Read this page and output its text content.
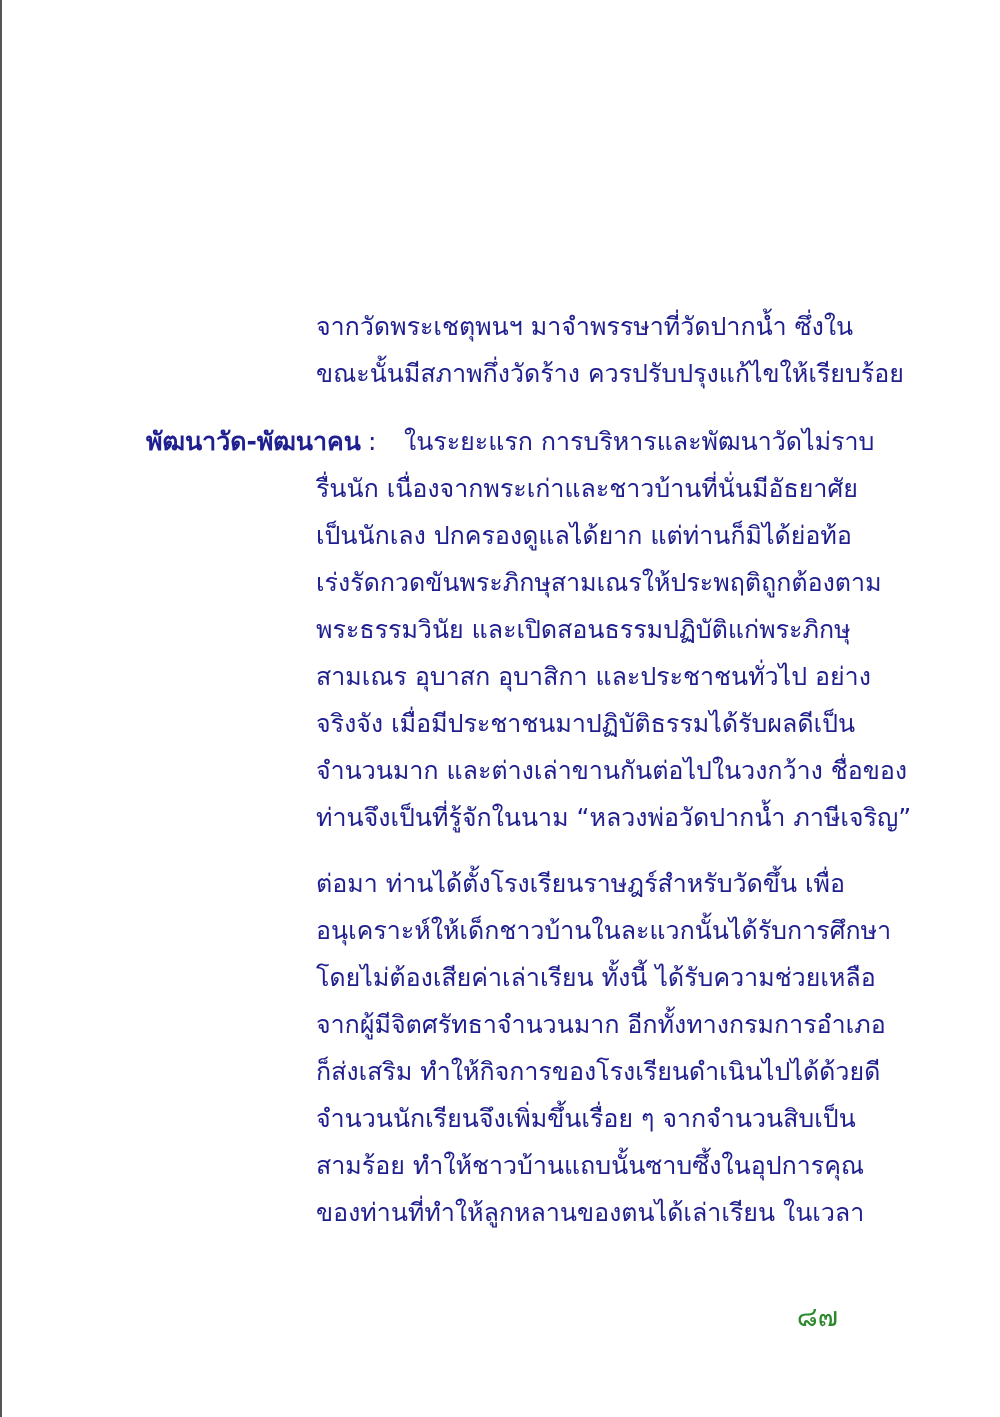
จากวัดพระเชตุพนฯ มาจำพรรษาที่วัดปากน้ำ ซึ่งใน
ขณะนั้นมีสภาพกึ่งวัดร้าง ควรปรับปรุงแก้ไขให้เรียบร้อย
พัฒนาวัด-พัฒนาคน : ในระยะแรก การบริหารและพัฒนาวัดไม่ราบ
รื่นนัก เนื่องจากพระเก่าและชาวบ้านที่นั่นมีอัธยาศัย
เป็นนักเลง ปกครองดูแลได้ยาก แต่ท่านก็มิได้ย่อท้อ
เร่งรัดกวดขันพระภิกษุสามเณรให้ประพฤติถูกต้องตาม
พระธรรมวินัย และเปิดสอนธรรมปฏิบัติแก่พระภิกษุ
สามเณร อุบาสก อุบาสิกา และประชาชนทั่วไป อย่าง
จริงจัง เมื่อมีประชาชนมาปฏิบัติธรรมได้รับผลดีเป็น
จำนวนมาก และต่างเล่าขานกันต่อไปในวงกว้าง ชื่อของ
ท่านจึงเป็นที่รู้จักในนาม “หลวงพ่อวัดปากน้ำ ภาษีเจริญ”
ต่อมา ท่านได้ตั้งโรงเรียนราษฎร์สำหรับวัดขึ้น เพื่อ
อนุเคราะห์ให้เด็กชาวบ้านในละแวกนั้นได้รับการศึกษา
โดยไม่ต้องเสียค่าเล่าเรียน ทั้งนี้ ได้รับความช่วยเหลือ
จากผู้มีจิตศรัทธาจำนวนมาก อีกทั้งทางกรมการอำเภอ
ก็ส่งเสริม ทำให้กิจการของโรงเรียนดำเนินไปได้ด้วยดี
จำนวนนักเรียนจึงเพิ่มขึ้นเรื่อย ๆ จากจำนวนสิบเป็น
สามร้อย ทำให้ชาวบ้านแถบนั้นซาบซึ้งในอุปการคุณ
ของท่านที่ทำให้ลูกหลานของตนได้เล่าเรียน ในเวลา
๘๗
